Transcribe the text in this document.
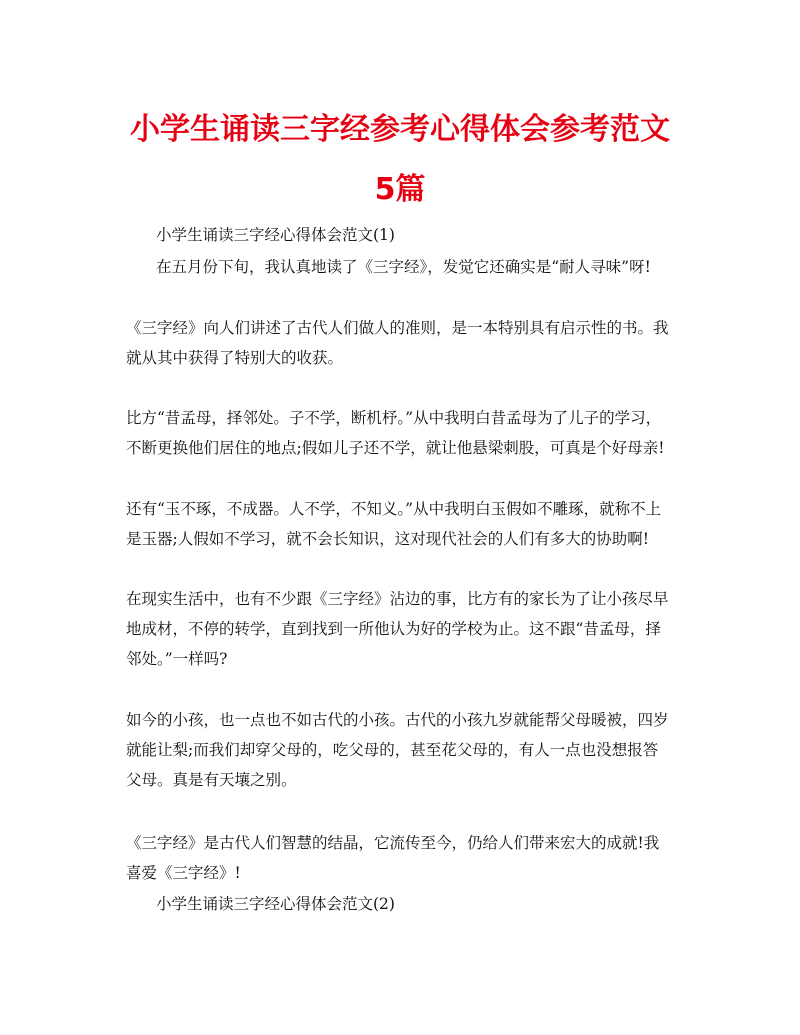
小学生诵读三字经参考心得体会参考范文
5篇

小学生诵读三字经心得体会范文(1)

在五月份下旬，我认真地读了《三字经》，发觉它还确实是“耐人寻味”呀!

《三字经》向人们讲述了古代人们做人的准则，是一本特别具有启示性的书。我

就从其中获得了特别大的收获。

比方“昔孟母，择邻处。子不学，断机杼。”从中我明白昔孟母为了儿子的学习，

不断更换他们居住的地点;假如儿子还不学，就让他悬梁刺股，可真是个好母亲!

还有“玉不琢，不成器。人不学，不知义。”从中我明白玉假如不雕琢，就称不上

是玉器;人假如不学习，就不会长知识，这对现代社会的人们有多大的协助啊!

在现实生活中，也有不少跟《三字经》沾边的事，比方有的家长为了让小孩尽早

地成材，不停的转学，直到找到一所他认为好的学校为止。这不跟“昔孟母，择

邻处。”一样吗?

如今的小孩，也一点也不如古代的小孩。古代的小孩九岁就能帮父母暖被，四岁

就能让梨;而我们却穿父母的，吃父母的，甚至花父母的，有人一点也没想报答

父母。真是有天壤之别。

《三字经》是古代人们智慧的结晶，它流传至今，仍给人们带来宏大的成就!我

喜爱《三字经》!

小学生诵读三字经心得体会范文(2)
